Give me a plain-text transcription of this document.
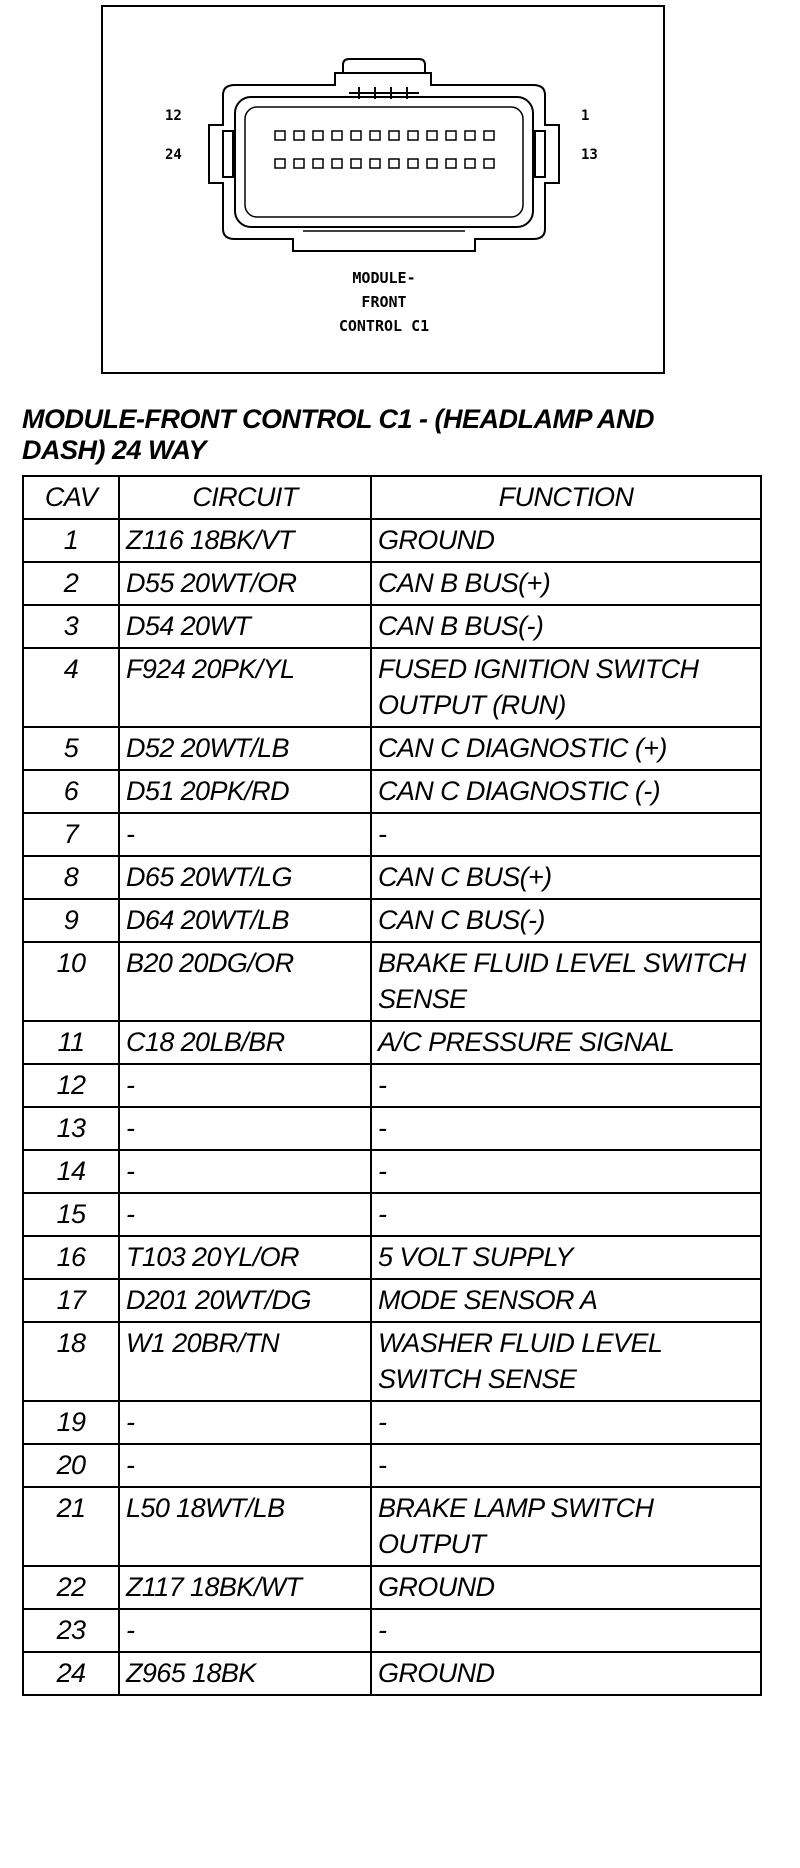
12
24
1
13
MODULE-
FRONT
CONTROL C1
MODULE-FRONT CONTROL C1 - (HEADLAMP AND DASH) 24 WAY
CAV	CIRCUIT	FUNCTION
1	Z116 18BK/VT	GROUND
2	D55 20WT/OR	CAN B BUS(+)
3	D54 20WT	CAN B BUS(-)
4	F924 20PK/YL	FUSED IGNITION SWITCH OUTPUT (RUN)
5	D52 20WT/LB	CAN C DIAGNOSTIC (+)
6	D51 20PK/RD	CAN C DIAGNOSTIC (-)
7	-	-
8	D65 20WT/LG	CAN C BUS(+)
9	D64 20WT/LB	CAN C BUS(-)
10	B20 20DG/OR	BRAKE FLUID LEVEL SWITCH SENSE
11	C18 20LB/BR	A/C PRESSURE SIGNAL
12	-	-
13	-	-
14	-	-
15	-	-
16	T103 20YL/OR	5 VOLT SUPPLY
17	D201 20WT/DG	MODE SENSOR A
18	W1 20BR/TN	WASHER FLUID LEVEL SWITCH SENSE
19	-	-
20	-	-
21	L50 18WT/LB	BRAKE LAMP SWITCH OUTPUT
22	Z117 18BK/WT	GROUND
23	-	-
24	Z965 18BK	GROUND
